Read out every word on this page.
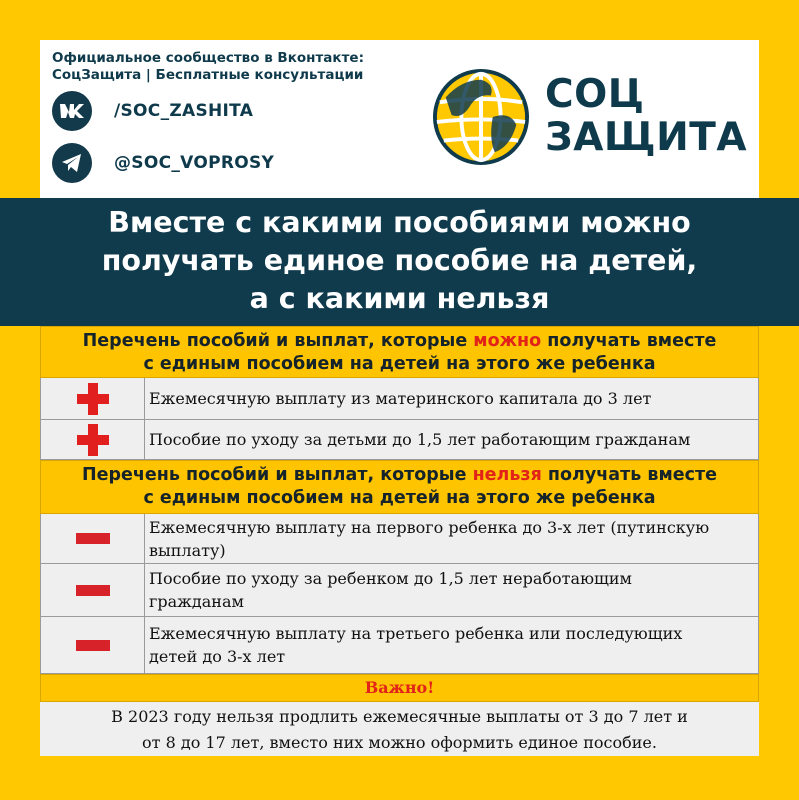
Официальное сообщество в Вконтакте:
СоцЗащита | Бесплатные консультации
/SOC_ZASHITA
@SOC_VOPROSY
СОЦ
ЗАЩИТА
Вместе с какими пособиями можно
получать единое пособие на детей,
а с какими нельзя
Перечень пособий и выплат, которые можно получать вместе
с единым пособием на детей на этого же ребенка
Ежемесячную выплату из материнского капитала до 3 лет
Пособие по уходу за детьми до 1,5 лет работающим гражданам
Перечень пособий и выплат, которые нельзя получать вместе
с единым пособием на детей на этого же ребенка
Ежемесячную выплату на первого ребенка до 3-х лет (путинскую
выплату)
Пособие по уходу за ребенком до 1,5 лет неработающим
гражданам
Ежемесячную выплату на третьего ребенка или последующих
детей до 3-х лет
Важно!
В 2023 году нельзя продлить ежемесячные выплаты от 3 до 7 лет и
от 8 до 17 лет, вместо них можно оформить единое пособие.
